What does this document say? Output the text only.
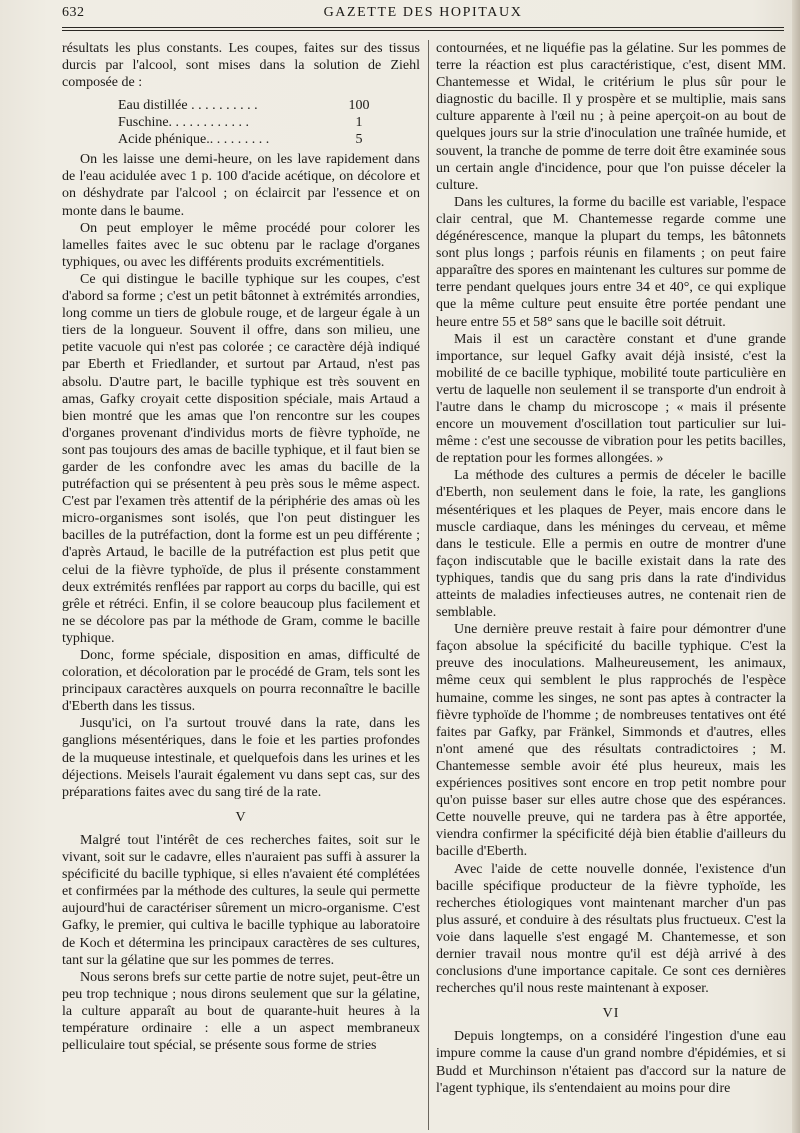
632	GAZETTE DES HOPITAUX

résultats les plus constants. Les coupes, faites sur des tissus durcis par l'alcool, sont mises dans la solution de Ziehl composée de :

Eau distillée . . . . . . . . . .	100
Fuschine. . . . . . . . . . . .	1
Acide phénique.. . . . . . . . .	5

On les laisse une demi-heure, on les lave rapidement dans de l'eau acidulée avec 1 p. 100 d'acide acétique, on décolore et on déshydrate par l'alcool ; on éclaircit par l'essence et on monte dans le baume.

On peut employer le même procédé pour colorer les lamelles faites avec le suc obtenu par le raclage d'organes typhiques, ou avec les différents produits excrémentitiels.

Ce qui distingue le bacille typhique sur les coupes, c'est d'abord sa forme ; c'est un petit bâtonnet à extrémités arrondies, long comme un tiers de globule rouge, et de largeur égale à un tiers de la longueur. Souvent il offre, dans son milieu, une petite vacuole qui n'est pas colorée ; ce caractère déjà indiqué par Eberth et Friedlander, et surtout par Artaud, n'est pas absolu. D'autre part, le bacille typhique est très souvent en amas, Gafky croyait cette disposition spéciale, mais Artaud a bien montré que les amas que l'on rencontre sur les coupes d'organes provenant d'individus morts de fièvre typhoïde, ne sont pas toujours des amas de bacille typhique, et il faut bien se garder de les confondre avec les amas du bacille de la putréfaction qui se présentent à peu près sous le même aspect. C'est par l'examen très attentif de la périphérie des amas où les micro-organismes sont isolés, que l'on peut distinguer les bacilles de la putréfaction, dont la forme est un peu différente ; d'après Artaud, le bacille de la putréfaction est plus petit que celui de la fièvre typhoïde, de plus il présente constamment deux extrémités renflées par rapport au corps du bacille, qui est grêle et rétréci. Enfin, il se colore beaucoup plus facilement et ne se décolore pas par la méthode de Gram, comme le bacille typhique.

Donc, forme spéciale, disposition en amas, difficulté de coloration, et décoloration par le procédé de Gram, tels sont les principaux caractères auxquels on pourra reconnaître le bacille d'Eberth dans les tissus.

Jusqu'ici, on l'a surtout trouvé dans la rate, dans les ganglions mésentériques, dans le foie et les parties profondes de la muqueuse intestinale, et quelquefois dans les urines et les déjections. Meisels l'aurait également vu dans sept cas, sur des préparations faites avec du sang tiré de la rate.

V

Malgré tout l'intérêt de ces recherches faites, soit sur le vivant, soit sur le cadavre, elles n'auraient pas suffi à assurer la spécificité du bacille typhique, si elles n'avaient été complétées et confirmées par la méthode des cultures, la seule qui permette aujourd'hui de caractériser sûrement un micro-organisme. C'est Gafky, le premier, qui cultiva le bacille typhique au laboratoire de Koch et détermina les principaux caractères de ses cultures, tant sur la gélatine que sur les pommes de terres.

Nous serons brefs sur cette partie de notre sujet, peut-être un peu trop technique ; nous dirons seulement que sur la gélatine, la culture apparaît au bout de quarante-huit heures à la température ordinaire : elle a un aspect membraneux pelliculaire tout spécial, se présente sous forme de stries

contournées, et ne liquéfie pas la gélatine. Sur les pommes de terre la réaction est plus caractéristique, c'est, disent MM. Chantemesse et Widal, le critérium le plus sûr pour le diagnostic du bacille. Il y prospère et se multiplie, mais sans culture apparente à l'œil nu ; à peine aperçoit-on au bout de quelques jours sur la strie d'inoculation une traînée humide, et souvent, la tranche de pomme de terre doit être examinée sous un certain angle d'incidence, pour que l'on puisse déceler la culture.

Dans les cultures, la forme du bacille est variable, l'espace clair central, que M. Chantemesse regarde comme une dégénérescence, manque la plupart du temps, les bâtonnets sont plus longs ; parfois réunis en filaments ; on peut faire apparaître des spores en maintenant les cultures sur pomme de terre pendant quelques jours entre 34 et 40°, ce qui explique que la même culture peut ensuite être portée pendant une heure entre 55 et 58° sans que le bacille soit détruit.

Mais il est un caractère constant et d'une grande importance, sur lequel Gafky avait déjà insisté, c'est la mobilité de ce bacille typhique, mobilité toute particulière en vertu de laquelle non seulement il se transporte d'un endroit à l'autre dans le champ du microscope ; « mais il présente encore un mouvement d'oscillation tout particulier sur lui-même : c'est une secousse de vibration pour les petits bacilles, de reptation pour les formes allongées. »

La méthode des cultures a permis de déceler le bacille d'Eberth, non seulement dans le foie, la rate, les ganglions mésentériques et les plaques de Peyer, mais encore dans le muscle cardiaque, dans les méninges du cerveau, et même dans le testicule. Elle a permis en outre de montrer d'une façon indiscutable que le bacille existait dans la rate des typhiques, tandis que du sang pris dans la rate d'individus atteints de maladies infectieuses autres, ne contenait rien de semblable.

Une dernière preuve restait à faire pour démontrer d'une façon absolue la spécificité du bacille typhique. C'est la preuve des inoculations. Malheureusement, les animaux, même ceux qui semblent le plus rapprochés de l'espèce humaine, comme les singes, ne sont pas aptes à contracter la fièvre typhoïde de l'homme ; de nombreuses tentatives ont été faites par Gafky, par Fränkel, Simmonds et d'autres, elles n'ont amené que des résultats contradictoires ; M. Chantemesse semble avoir été plus heureux, mais les expériences positives sont encore en trop petit nombre pour qu'on puisse baser sur elles autre chose que des espérances. Cette nouvelle preuve, qui ne tardera pas à être apportée, viendra confirmer la spécificité déjà bien établie d'ailleurs du bacille d'Eberth.

Avec l'aide de cette nouvelle donnée, l'existence d'un bacille spécifique producteur de la fièvre typhoïde, les recherches étiologiques vont maintenant marcher d'un pas plus assuré, et conduire à des résultats plus fructueux. C'est la voie dans laquelle s'est engagé M. Chantemesse, et son dernier travail nous montre qu'il est déjà arrivé à des conclusions d'une importance capitale. Ce sont ces dernières recherches qu'il nous reste maintenant à exposer.

VI

Depuis longtemps, on a considéré l'ingestion d'une eau impure comme la cause d'un grand nombre d'épidémies, et si Budd et Murchinson n'étaient pas d'accord sur la nature de l'agent typhique, ils s'entendaient au moins pour dire
